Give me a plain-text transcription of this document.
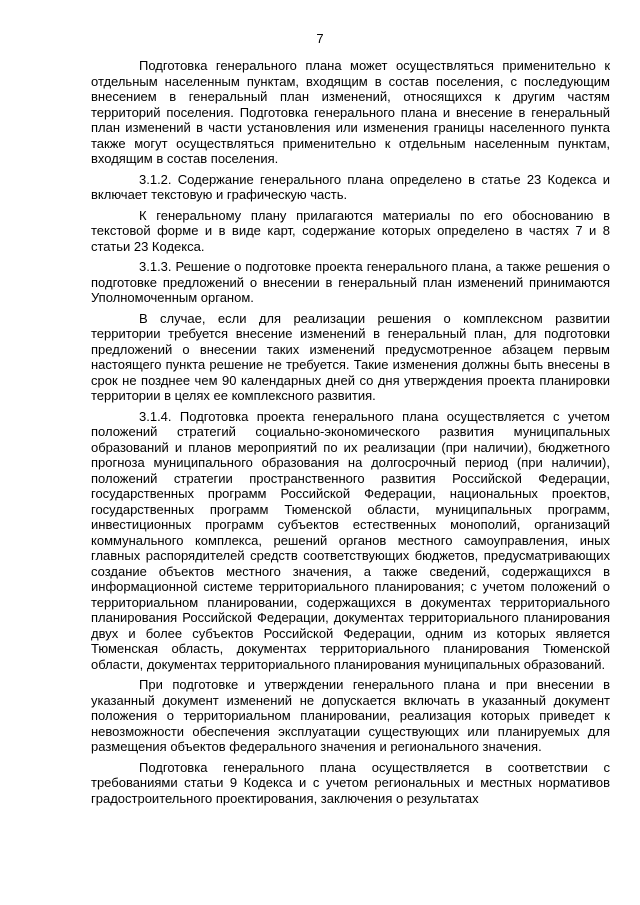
7

Подготовка генерального плана может осуществляться применительно к отдельным населенным пунктам, входящим в состав поселения, с последующим внесением в генеральный план изменений, относящихся к другим частям территорий поселения. Подготовка генерального плана и внесение в генеральный план изменений в части установления или изменения границы населенного пункта также могут осуществляться применительно к отдельным населенным пунктам, входящим в состав поселения.

3.1.2. Содержание генерального плана определено в статье 23 Кодекса и включает текстовую и графическую часть.

К генеральному плану прилагаются материалы по его обоснованию в текстовой форме и в виде карт, содержание которых определено в частях 7 и 8 статьи 23 Кодекса.

3.1.3. Решение о подготовке проекта генерального плана, а также решения о подготовке предложений о внесении в генеральный план изменений принимаются Уполномоченным органом.

В случае, если для реализации решения о комплексном развитии территории требуется внесение изменений в генеральный план, для подготовки предложений о внесении таких изменений предусмотренное абзацем первым настоящего пункта решение не требуется. Такие изменения должны быть внесены в срок не позднее чем 90 календарных дней со дня утверждения проекта планировки территории в целях ее комплексного развития.

3.1.4. Подготовка проекта генерального плана осуществляется с учетом положений стратегий социально-экономического развития муниципальных образований и планов мероприятий по их реализации (при наличии), бюджетного прогноза муниципального образования на долгосрочный период (при наличии), положений стратегии пространственного развития Российской Федерации, государственных программ Российской Федерации, национальных проектов, государственных программ Тюменской области, муниципальных программ, инвестиционных программ субъектов естественных монополий, организаций коммунального комплекса, решений органов местного самоуправления, иных главных распорядителей средств соответствующих бюджетов, предусматривающих создание объектов местного значения, а также сведений, содержащихся в информационной системе территориального планирования; с учетом положений о территориальном планировании, содержащихся в документах территориального планирования Российской Федерации, документах территориального планирования двух и более субъектов Российской Федерации, одним из которых является Тюменская область, документах территориального планирования Тюменской области, документах территориального планирования муниципальных образований.

При подготовке и утверждении генерального плана и при внесении в указанный документ изменений не допускается включать в указанный документ положения о территориальном планировании, реализация которых приведет к невозможности обеспечения эксплуатации существующих или планируемых для размещения объектов федерального значения и регионального значения.

Подготовка генерального плана осуществляется в соответствии с требованиями статьи 9 Кодекса и с учетом региональных и местных нормативов градостроительного проектирования, заключения о результатах
